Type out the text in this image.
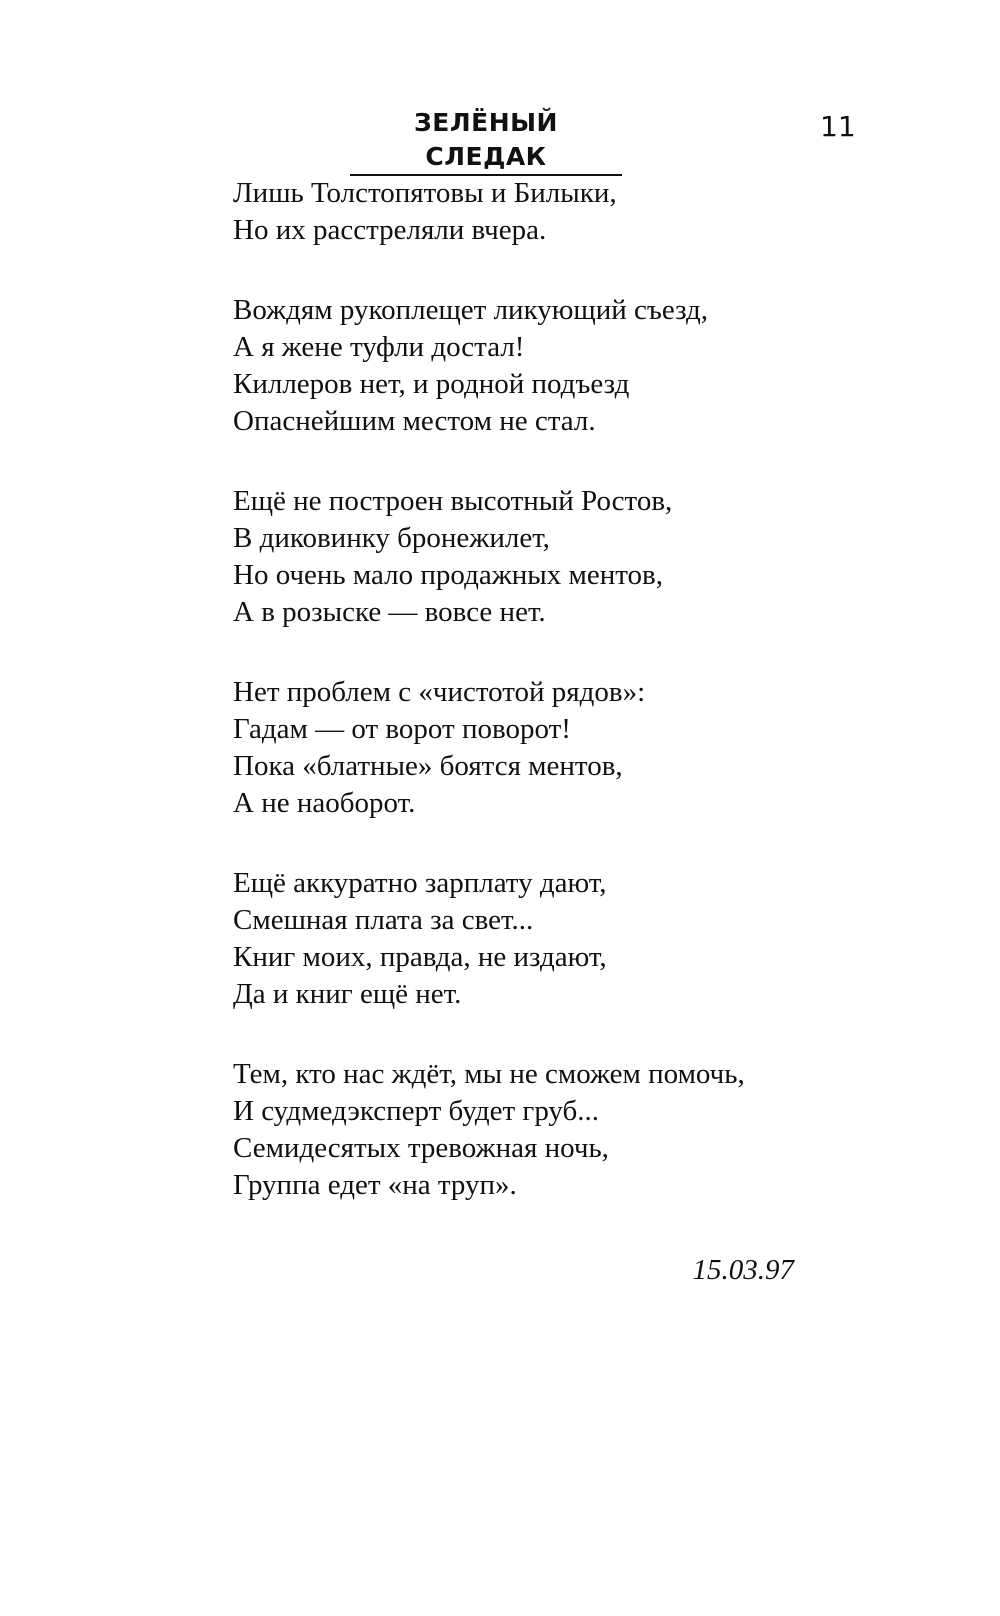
ЗЕЛЁНЫЙ СЛЕДАК
11
Лишь Толстопятовы и Билыки,
Но их расстреляли вчера.
Вождям рукоплещет ликующий съезд,
А я жене туфли достал!
Киллеров нет, и родной подъезд
Опаснейшим местом не стал.
Ещё не построен высотный Ростов,
В диковинку бронежилет,
Но очень мало продажных ментов,
А в розыске — вовсе нет.
Нет проблем с «чистотой рядов»:
Гадам — от ворот поворот!
Пока «блатные» боятся ментов,
А не наоборот.
Ещё аккуратно зарплату дают,
Смешная плата за свет...
Книг моих, правда, не издают,
Да и книг ещё нет.
Тем, кто нас ждёт, мы не сможем помочь,
И судмедэксперт будет груб...
Семидесятых тревожная ночь,
Группа едет «на труп».
15.03.97
